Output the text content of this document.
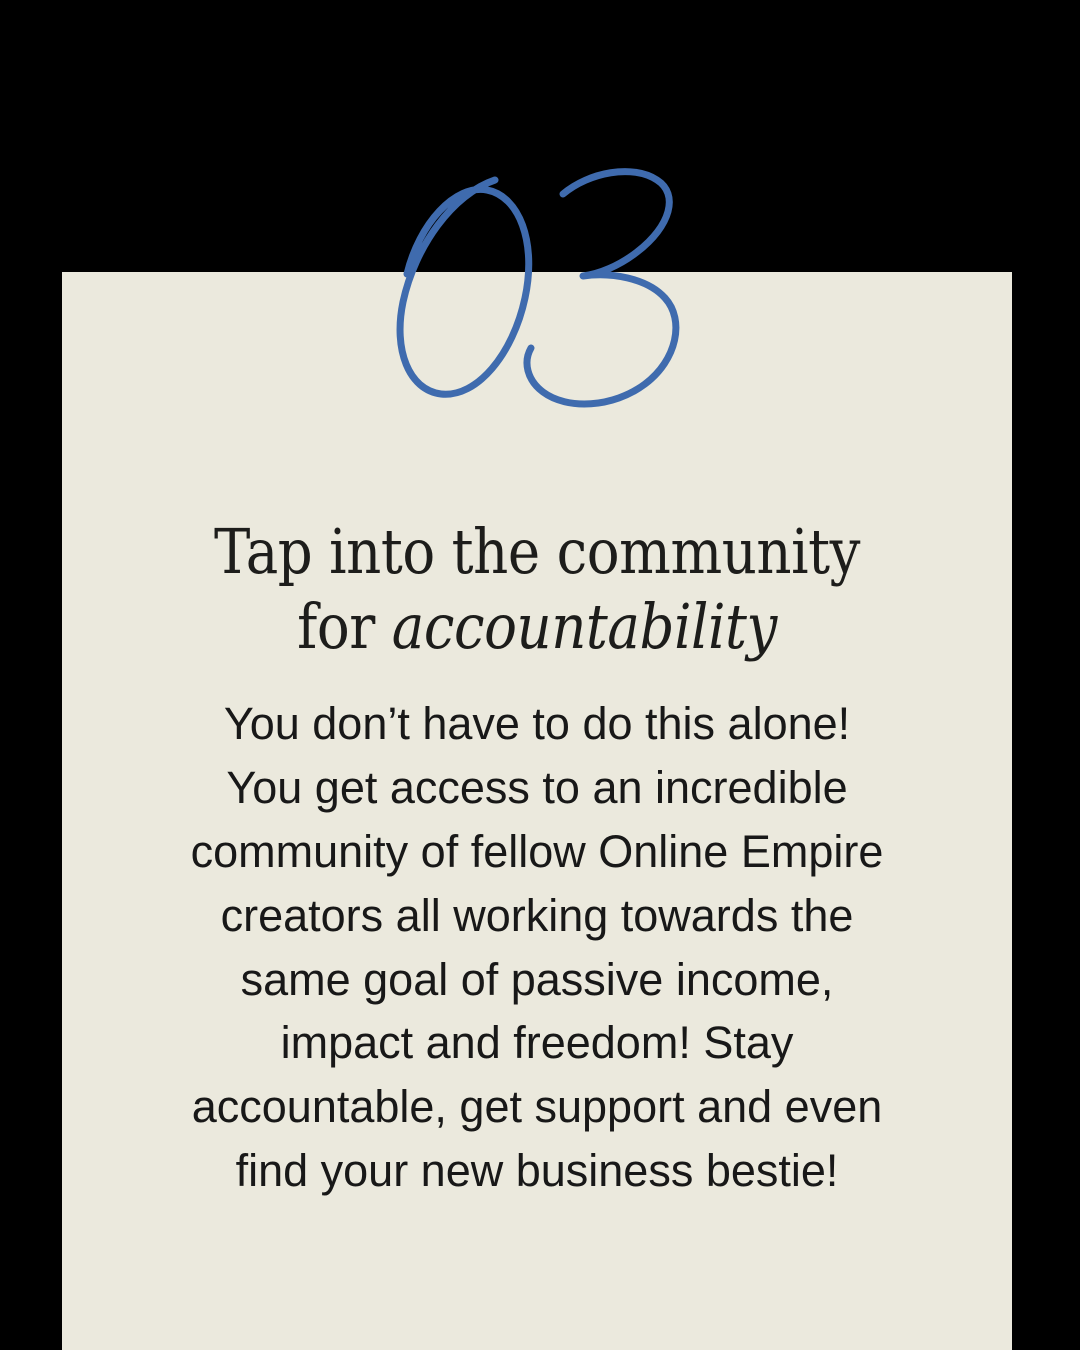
Tap into the community
for accountability
You don’t have to do this alone!
You get access to an incredible
community of fellow Online Empire
creators all working towards the
same goal of passive income,
impact and freedom! Stay
accountable, get support and even
find your new business bestie!
